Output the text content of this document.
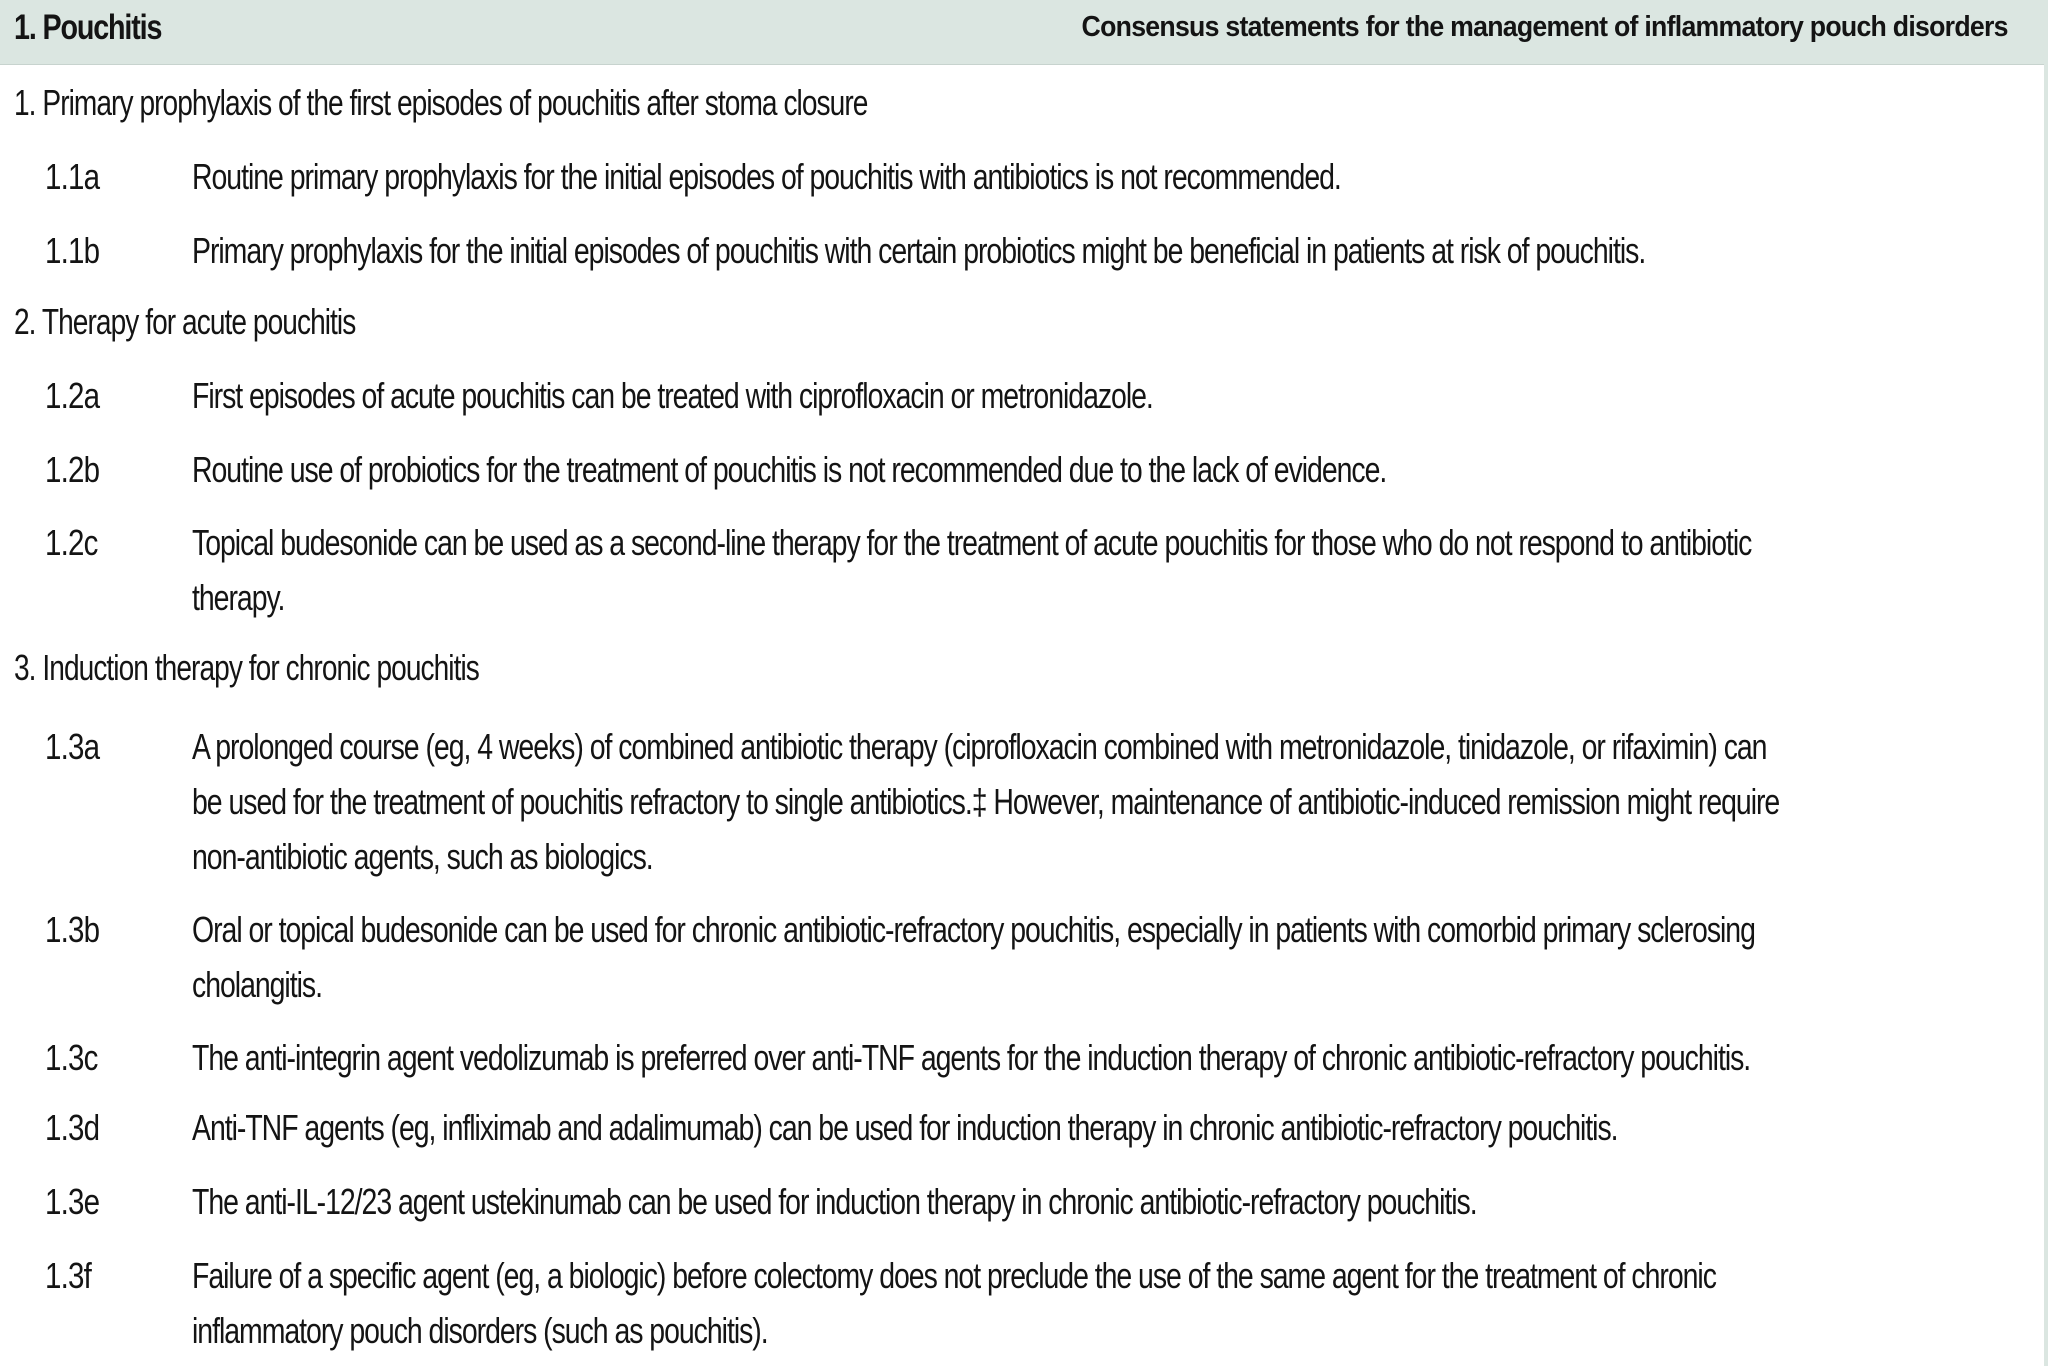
1. Pouchitis	Consensus statements for the management of inflammatory pouch disorders
1. Primary prophylaxis of the first episodes of pouchitis after stoma closure
1.1a	Routine primary prophylaxis for the initial episodes of pouchitis with antibiotics is not recommended.
1.1b	Primary prophylaxis for the initial episodes of pouchitis with certain probiotics might be beneficial in patients at risk of pouchitis.
2. Therapy for acute pouchitis
1.2a	First episodes of acute pouchitis can be treated with ciprofloxacin or metronidazole.
1.2b	Routine use of probiotics for the treatment of pouchitis is not recommended due to the lack of evidence.
1.2c	Topical budesonide can be used as a second-line therapy for the treatment of acute pouchitis for those who do not respond to antibiotic
therapy.
3. Induction therapy for chronic pouchitis
1.3a	A prolonged course (eg, 4 weeks) of combined antibiotic therapy (ciprofloxacin combined with metronidazole, tinidazole, or rifaximin) can
be used for the treatment of pouchitis refractory to single antibiotics.‡ However, maintenance of antibiotic-induced remission might require
non-antibiotic agents, such as biologics.
1.3b	Oral or topical budesonide can be used for chronic antibiotic-refractory pouchitis, especially in patients with comorbid primary sclerosing
cholangitis.
1.3c	The anti-integrin agent vedolizumab is preferred over anti-TNF agents for the induction therapy of chronic antibiotic-refractory pouchitis.
1.3d	Anti-TNF agents (eg, infliximab and adalimumab) can be used for induction therapy in chronic antibiotic-refractory pouchitis.
1.3e	The anti-IL-12/23 agent ustekinumab can be used for induction therapy in chronic antibiotic-refractory pouchitis.
1.3f	Failure of a specific agent (eg, a biologic) before colectomy does not preclude the use of the same agent for the treatment of chronic
inflammatory pouch disorders (such as pouchitis).
